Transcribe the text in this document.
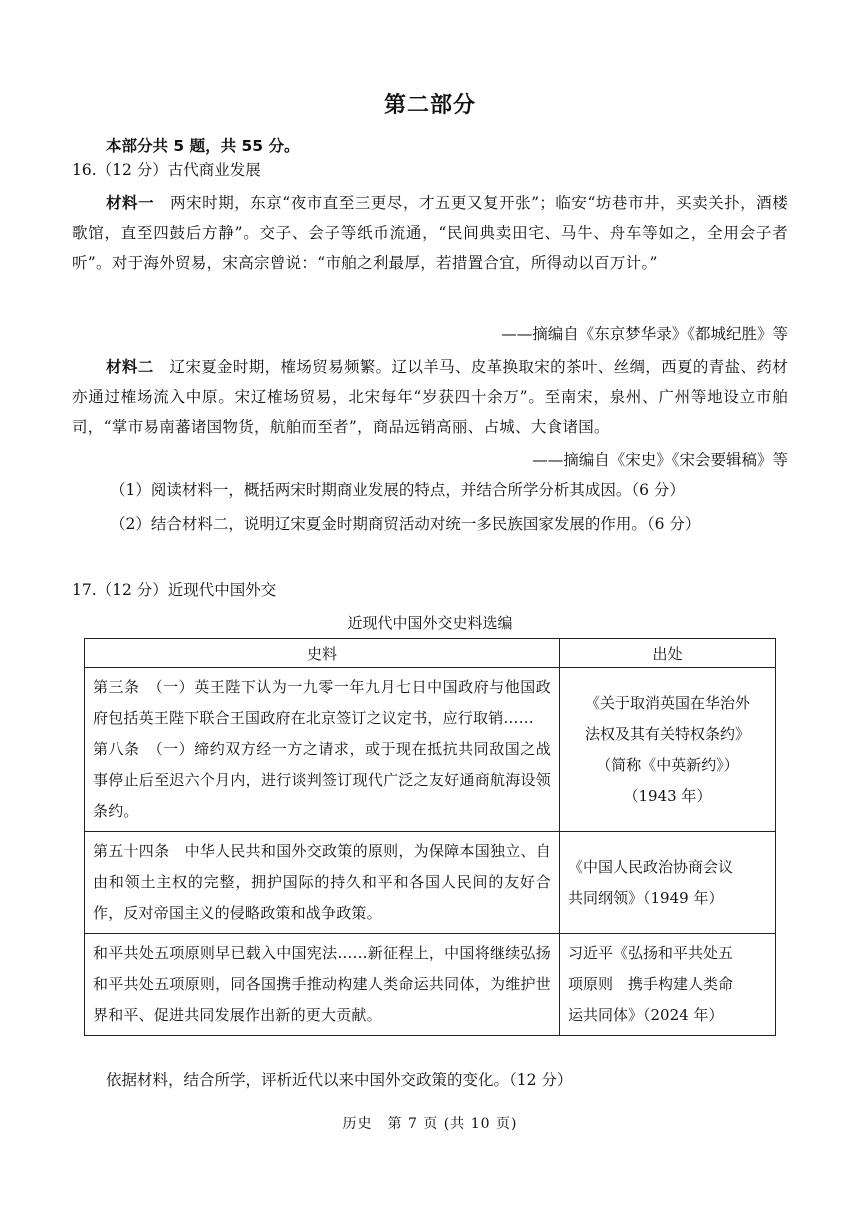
第二部分
本部分共 5 题，共 55 分。
16.（12 分）古代商业发展
材料一　 两宋时期，东京“夜市直至三更尽，才五更又复开张”；临安“坊巷市井，买卖关扑，酒楼歌馆，直至四鼓后方静”。交子、会子等纸币流通，“民间典卖田宅、马牛、舟车等如之，全用会子者听”。对于海外贸易，宋高宗曾说：“市舶之利最厚，若措置合宜，所得动以百万计。”
——摘编自《东京梦华录》《都城纪胜》等
材料二　 辽宋夏金时期，榷场贸易频繁。辽以羊马、皮革换取宋的茶叶、丝绸，西夏的青盐、药材亦通过榷场流入中原。宋辽榷场贸易，北宋每年“岁获四十余万”。至南宋，泉州、广州等地设立市舶司，“掌市易南蕃诸国物货，航舶而至者”，商品远销高丽、占城、大食诸国。
——摘编自《宋史》《宋会要辑稿》等
（1）阅读材料一，概括两宋时期商业发展的特点，并结合所学分析其成因。（6 分）
（2）结合材料二，说明辽宋夏金时期商贸活动对统一多民族国家发展的作用。（6 分）
17.（12 分）近现代中国外交
近现代中国外交史料选编
史料	出处

第三条　（一）英王陛下认为一九零一年九月七日中国政府与他国政府包括英王陛下联合王国政府在北京签订之议定书，应行取销……
第八条　（一）缔约双方经一方之请求，或于现在抵抗共同敌国之战事停止后至迟六个月内，进行谈判签订现代广泛之友好通商航海设领条约。	《关于取消英国在华治外
法权及其有关特权条约》
（简称《中英新约》）
（1943 年）

第五十四条　中华人民共和国外交政策的原则，为保障本国独立、自由和领土主权的完整，拥护国际的持久和平和各国人民间的友好合作，反对帝国主义的侵略政策和战争政策。	《中国人民政治协商会议
共同纲领》（1949 年）

和平共处五项原则早已载入中国宪法……新征程上，中国将继续弘扬和平共处五项原则，同各国携手推动构建人类命运共同体，为维护世界和平、促进共同发展作出新的更大贡献。	习近平《弘扬和平共处五
项原则　携手构建人类命
运共同体》（2024 年）
依据材料，结合所学，评析近代以来中国外交政策的变化。（12 分）
历史　第 7 页 (共 10 页)
